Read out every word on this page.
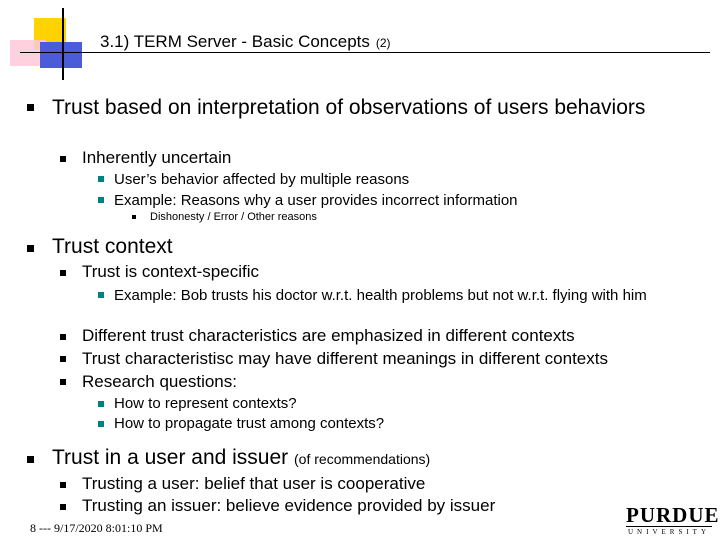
3.1) TERM Server - Basic Concepts (2)
Trust based on interpretation of observations of users behaviors
Inherently uncertain
User’s behavior affected by multiple reasons
Example: Reasons why a user provides incorrect information
Dishonesty / Error / Other reasons
Trust context
Trust is context-specific
Example: Bob trusts his doctor w.r.t. health problems but not w.r.t. flying with him
Different trust characteristics are emphasized in different contexts
Trust characteristisc may have different meanings in different contexts
Research questions:
How to represent contexts?
How to propagate trust among contexts?
Trust in a user and issuer (of recommendations)
Trusting a user: belief that user is cooperative
Trusting an issuer: believe evidence provided by issuer
8 --- 9/17/2020 8:01:10 PM
PURDUE
UNIVERSITY
